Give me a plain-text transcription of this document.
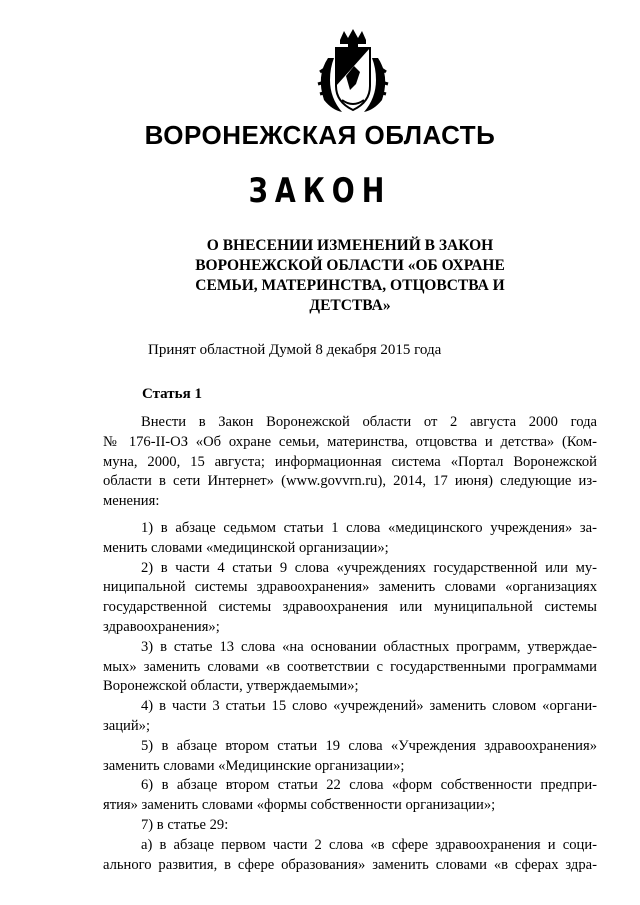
ВОРОНЕЖСКАЯ ОБЛАСТЬ
ЗАКОН
О ВНЕСЕНИИ ИЗМЕНЕНИЙ В ЗАКОН
ВОРОНЕЖСКОЙ ОБЛАСТИ «ОБ ОХРАНЕ
СЕМЬИ, МАТЕРИНСТВА, ОТЦОВСТВА И
ДЕТСТВА»
Принят областной Думой 8 декабря 2015 года
Статья 1
Внести в Закон Воронежской области от 2 августа 2000 года
№ 176-II-ОЗ «Об охране семьи, материнства, отцовства и детства» (Ком-
муна, 2000, 15 августа; информационная система «Портал Воронежской
области в сети Интернет» (www.govvrn.ru), 2014, 17 июня) следующие из-
менения:
1) в абзаце седьмом статьи 1 слова «медицинского учреждения» за-
менить словами «медицинской организации»;
2) в части 4 статьи 9 слова «учреждениях государственной или му-
ниципальной системы здравоохранения» заменить словами «организациях
государственной системы здравоохранения или муниципальной системы
здравоохранения»;
3) в статье 13 слова «на основании областных программ, утверждае-
мых» заменить словами «в соответствии с государственными программами
Воронежской области, утверждаемыми»;
4) в части 3 статьи 15 слово «учреждений» заменить словом «органи-
заций»;
5) в абзаце втором статьи 19 слова «Учреждения здравоохранения»
заменить словами «Медицинские организации»;
6) в абзаце втором статьи 22 слова «форм собственности предпри-
ятия» заменить словами «формы собственности организации»;
7) в статье 29:
а) в абзаце первом части 2 слова «в сфере здравоохранения и соци-
ального развития, в сфере образования» заменить словами «в сферах здра-
